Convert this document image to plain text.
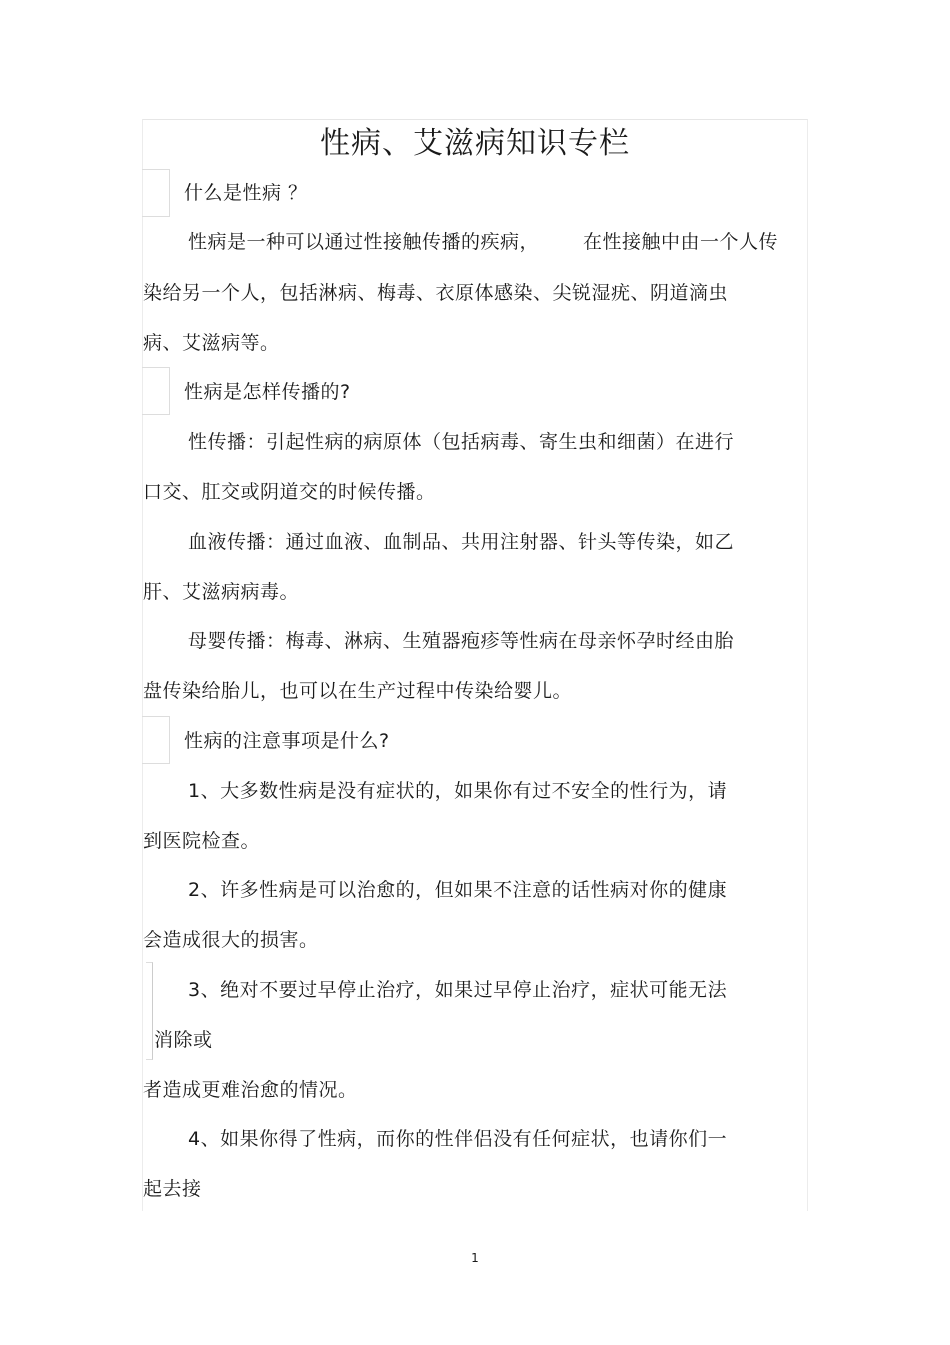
性病、艾滋病知识专栏
什么是性病 ？
性病是一种可以通过性接触传播的疾病， 在性接触中由一个人传
染给另一个人，包括淋病、梅毒、衣原体感染、尖锐湿疣、阴道滴虫
病、艾滋病等。
性病是怎样传播的?
性传播：引起性病的病原体（包括病毒、寄生虫和细菌）在进行
口交、肛交或阴道交的时候传播。
血液传播：通过血液、血制品、共用注射器、针头等传染，如乙
肝、艾滋病病毒。
母婴传播：梅毒、淋病、生殖器疱疹等性病在母亲怀孕时经由胎
盘传染给胎儿，也可以在生产过程中传染给婴儿。
性病的注意事项是什么?
1、大多数性病是没有症状的，如果你有过不安全的性行为，请
到医院检查。
2、许多性病是可以治愈的，但如果不注意的话性病对你的健康
会造成很大的损害。
3、绝对不要过早停止治疗，如果过早停止治疗，症状可能无法
消除或
者造成更难治愈的情况。
4、如果你得了性病，而你的性伴侣没有任何症状，也请你们一
起去接
1
